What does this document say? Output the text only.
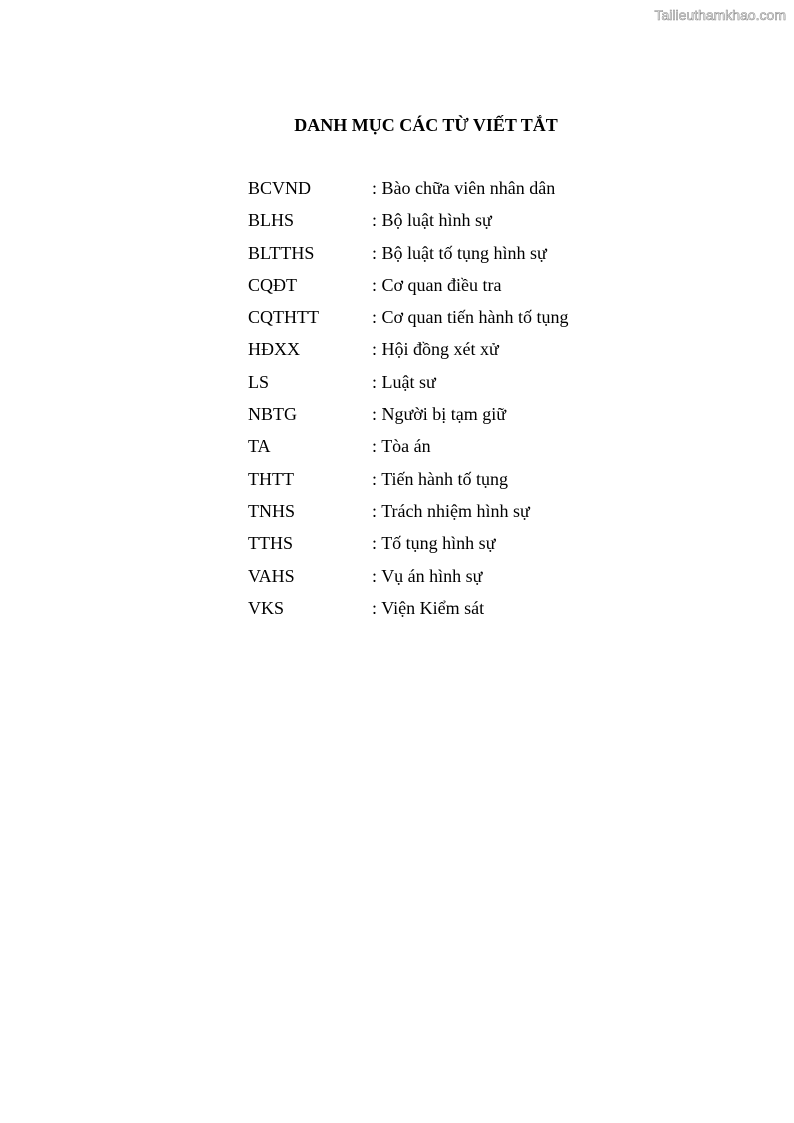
Tailieuthamkhao.com
DANH MỤC CÁC TỪ VIẾT TẮT
BCVND	: Bào chữa viên nhân dân
BLHS	: Bộ luật hình sự
BLTTHS	: Bộ luật tố tụng hình sự
CQĐT	: Cơ quan điều tra
CQTHTT	: Cơ quan tiến hành tố tụng
HĐXX	: Hội đồng xét xử
LS	: Luật sư
NBTG	: Người bị tạm giữ
TA	: Tòa án
THTT	: Tiến hành tố tụng
TNHS	: Trách nhiệm hình sự
TTHS	: Tố tụng hình sự
VAHS	: Vụ án hình sự
VKS	: Viện Kiểm sát
